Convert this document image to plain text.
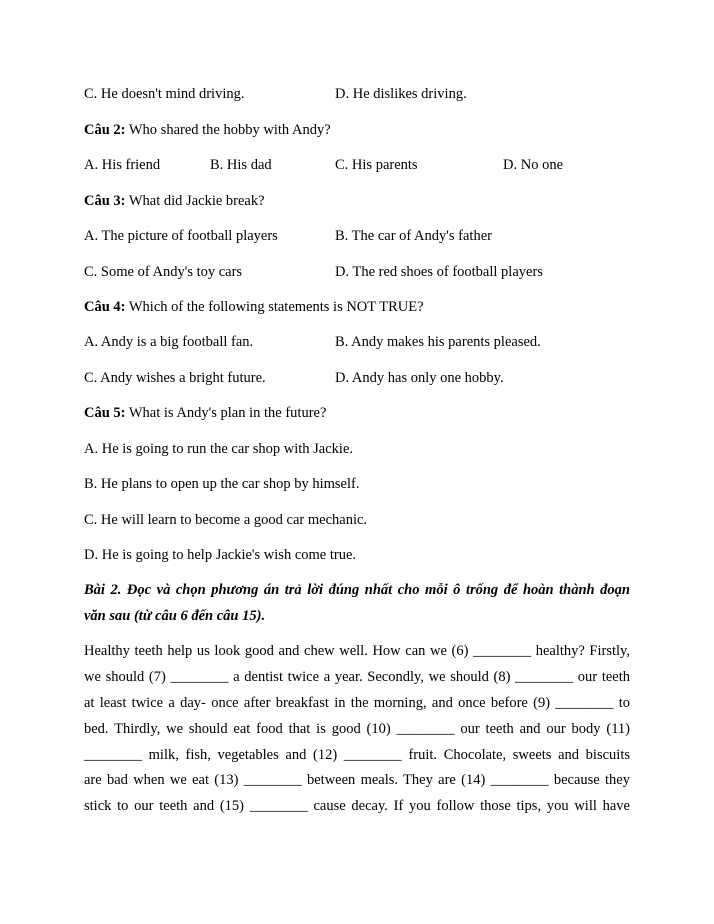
C. He doesn't mind driving.	D. He dislikes driving.
Câu 2: Who shared the hobby with Andy?
A. His friend	B. His dad	C. His parents	D. No one
Câu 3: What did Jackie break?
A. The picture of football players	B. The car of Andy's father
C. Some of Andy's toy cars	D. The red shoes of football players
Câu 4: Which of the following statements is NOT TRUE?
A. Andy is a big football fan.	B. Andy makes his parents pleased.
C. Andy wishes a bright future.	D. Andy has only one hobby.
Câu 5: What is Andy's plan in the future?
A. He is going to run the car shop with Jackie.
B. He plans to open up the car shop by himself.
C. He will learn to become a good car mechanic.
D. He is going to help Jackie's wish come true.
Bài 2. Đọc và chọn phương án trả lời đúng nhất cho mỗi ô trống để hoàn thành đoạn
văn sau (từ câu 6 đến câu 15).
Healthy teeth help us look good and chew well. How can we (6) ________ healthy? Firstly,
we should (7) ________ a dentist twice a year. Secondly, we should (8) ________ our teeth
at least twice a day- once after breakfast in the morning, and once before (9) ________ to
bed. Thirdly, we should eat food that is good (10) ________ our teeth and our body (11)
________ milk, fish, vegetables and (12) ________ fruit. Chocolate, sweets and biscuits
are bad when we eat (13) ________ between meals. They are (14) ________ because they
stick to our teeth and (15) ________ cause decay. If you follow those tips, you will have
